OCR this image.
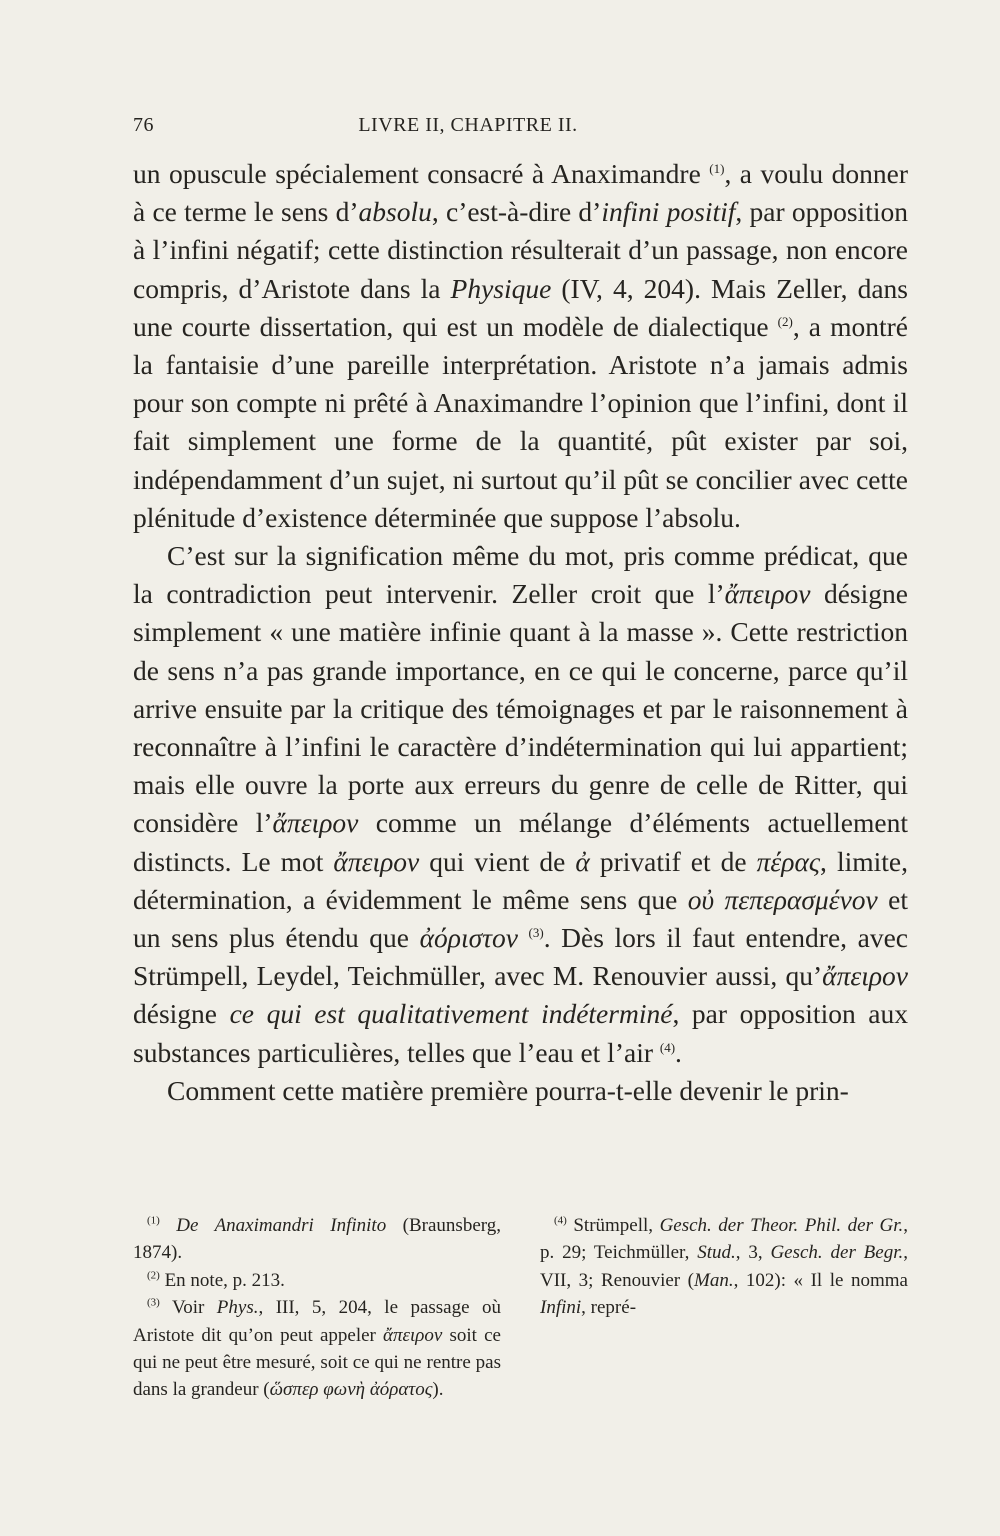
76	LIVRE II, CHAPITRE II.

un opuscule spécialement consacré à Anaximandre $^{(1)}$, a voulu donner à ce terme le sens d’absolu, c’est-à-dire d’infini positif, par opposition à l’infini négatif; cette distinction résulterait d’un passage, non encore compris, d’Aristote dans la Physique (IV, 4, 204). Mais Zeller, dans une courte dissertation, qui est un modèle de dialectique $^{(2)}$, a montré la fantaisie d’une pareille interprétation. Aristote n’a jamais admis pour son compte ni prêté à Anaximandre l’opinion que l’infini, dont il fait simplement une forme de la quantité, pût exister par soi, indépendamment d’un sujet, ni surtout qu’il pût se concilier avec cette plénitude d’existence déterminée que suppose l’absolu.

C’est sur la signification même du mot, pris comme prédicat, que la contradiction peut intervenir. Zeller croit que l’ἄπειρον désigne simplement « une matière infinie quant à la masse ». Cette restriction de sens n’a pas grande importance, en ce qui le concerne, parce qu’il arrive ensuite par la critique des témoignages et par le raisonnement à reconnaître à l’infini le caractère d’indétermination qui lui appartient; mais elle ouvre la porte aux erreurs du genre de celle de Ritter, qui considère l’ἄπειρον comme un mélange d’éléments actuellement distincts. Le mot ἄπειρον qui vient de ἀ privatif et de πέρας, limite, détermination, a évidemment le même sens que οὐ πεπερασμένον et un sens plus étendu que ἀόριστον $^{(3)}$. Dès lors il faut entendre, avec Strümpell, Leydel, Teichmüller, avec M. Renouvier aussi, qu’ἄπειρον désigne ce qui est qualitativement indéterminé, par opposition aux substances particulières, telles que l’eau et l’air $^{(4)}$.

Comment cette matière première pourra-t-elle devenir le prin-

$^{(1)}$ De Anaximandri Infinito (Braunsberg, 1874).

$^{(2)}$ En note, p. 213.

$^{(3)}$ Voir Phys., III, 5, 204, le passage où Aristote dit qu’on peut appeler ἄπειρον soit ce qui ne peut être mesuré, soit ce qui ne rentre pas dans la grandeur (ὥσπερ φωνὴ ἀόρατος).

$^{(4)}$ Strümpell, Gesch. der Theor. Phil. der Gr., p. 29; Teichmüller, Stud., 3, Gesch. der Begr., VII, 3; Renouvier (Man., 102): « Il le nomma Infini, repré-
